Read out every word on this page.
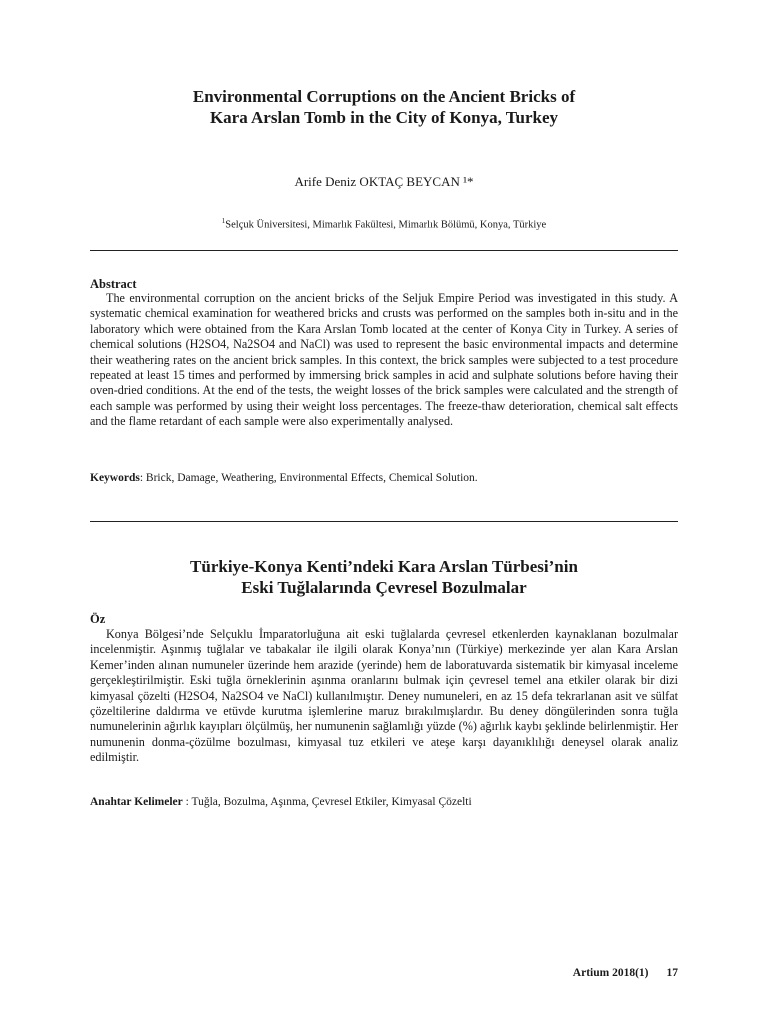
Environmental Corruptions on the Ancient Bricks of
Kara Arslan Tomb in the City of Konya, Turkey
Arife Deniz OKTAÇ BEYCAN ¹*
$^1$Selçuk Üniversitesi, Mimarlık Fakültesi, Mimarlık Bölümü, Konya, Türkiye
Abstract

The environmental corruption on the ancient bricks of the Seljuk Empire Period was investigated in this study. A systematic chemical examination for weathered bricks and crusts was performed on the samples both in-situ and in the laboratory which were obtained from the Kara Arslan Tomb located at the center of Konya City in Turkey. A series of chemical solutions (H2SO4, Na2SO4 and NaCl) was used to represent the basic environmental impacts and determine their weathering rates on the ancient brick samples. In this context, the brick samples were subjected to a test procedure repeated at least 15 times and performed by immersing brick samples in acid and sulphate solutions before having their oven-dried conditions. At the end of the tests, the weight losses of the brick samples were calculated and the strength of each sample was performed by using their weight loss percentages. The freeze-thaw deterioration, chemical salt effects and the flame retardant of each sample were also experimentally analysed.

Keywords: Brick, Damage, Weathering, Environmental Effects, Chemical Solution.
Türkiye-Konya Kenti’ndeki Kara Arslan Türbesi’nin
Eski Tuğlalarında Çevresel Bozulmalar
Öz

Konya Bölgesi’nde Selçuklu İmparatorluğuna ait eski tuğlalarda çevresel etkenlerden kaynaklanan bozulmalar incelenmiştir. Aşınmış tuğlalar ve tabakalar ile ilgili olarak Konya’nın (Türkiye) merkezinde yer alan Kara Arslan Kemer’inden alınan numuneler üzerinde hem arazide (yerinde) hem de laboratuvarda sistematik bir kimyasal inceleme gerçekleştirilmiştir. Eski tuğla örneklerinin aşınma oranlarını bulmak için çevresel temel ana etkiler olarak bir dizi kimyasal çözelti (H2SO4, Na2SO4 ve NaCl) kullanılmıştır. Deney numuneleri, en az 15 defa tekrarlanan asit ve sülfat çözeltilerine daldırma ve etüvde kurutma işlemlerine maruz bırakılmışlardır. Bu deney döngülerinden sonra tuğla numunelerinin ağırlık kayıpları ölçülmüş, her numunenin sağlamlığı yüzde (%) ağırlık kaybı şeklinde belirlenmiştir. Her numunenin donma-çözülme bozulması, kimyasal tuz etkileri ve ateşe karşı dayanıklılığı deneysel olarak analiz edilmiştir.

Anahtar Kelimeler : Tuğla, Bozulma, Aşınma, Çevresel Etkiler, Kimyasal Çözelti
Artium 2018(1) 17
